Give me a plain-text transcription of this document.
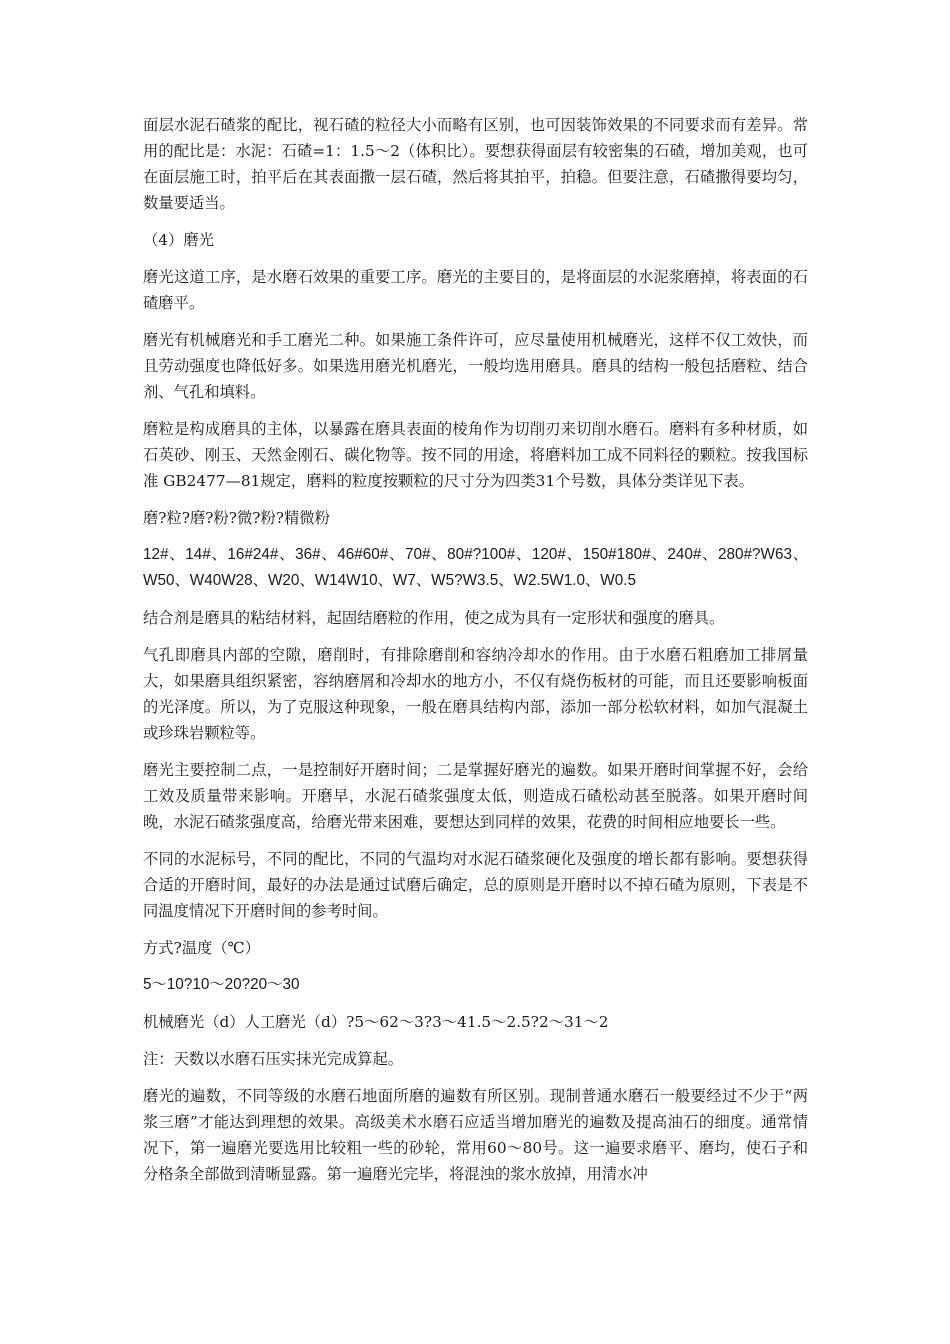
面层水泥石碴浆的配比，视石碴的粒径大小而略有区别，也可因装饰效果的不同要求而有差异。常用的配比是：水泥：石碴=1：1.5～2（体积比）。要想获得面层有较密集的石碴，增加美观，也可在面层施工时，拍平后在其表面撒一层石碴，然后将其拍平，拍稳。但要注意，石碴撒得要均匀，数量要适当。

（4）磨光

磨光这道工序，是水磨石效果的重要工序。磨光的主要目的，是将面层的水泥浆磨掉，将表面的石碴磨平。

磨光有机械磨光和手工磨光二种。如果施工条件许可，应尽量使用机械磨光，这样不仅工效快，而且劳动强度也降低好多。如果选用磨光机磨光，一般均选用磨具。磨具的结构一般包括磨粒、结合剂、气孔和填料。

磨粒是构成磨具的主体，以暴露在磨具表面的棱角作为切削刃来切削水磨石。磨料有多种材质，如石英砂、刚玉、天然金刚石、碳化物等。按不同的用途，将磨料加工成不同料径的颗粒。按我国标准 GB2477—81规定，磨料的粒度按颗粒的尺寸分为四类31个号数，具体分类详见下表。

磨?粒?磨?粉?微?粉?精微粉

12#、14#、16#24#、36#、46#60#、70#、80#?100#、120#、150#180#、240#、280#?W63、W50、W40W28、W20、W14W10、W7、W5?W3.5、W2.5W1.0、W0.5

结合剂是磨具的粘结材料，起固结磨粒的作用，使之成为具有一定形状和强度的磨具。

气孔即磨具内部的空隙，磨削时，有排除磨削和容纳冷却水的作用。由于水磨石粗磨加工排屑量大，如果磨具组织紧密，容纳磨屑和冷却水的地方小，不仅有烧伤板材的可能，而且还要影响板面的光泽度。所以，为了克服这种现象，一般在磨具结构内部，添加一部分松软材料，如加气混凝土或珍珠岩颗粒等。

磨光主要控制二点，一是控制好开磨时间；二是掌握好磨光的遍数。如果开磨时间掌握不好，会给工效及质量带来影响。开磨早，水泥石碴浆强度太低，则造成石碴松动甚至脱落。如果开磨时间晚，水泥石碴浆强度高，给磨光带来困难，要想达到同样的效果，花费的时间相应地要长一些。

不同的水泥标号，不同的配比，不同的气温均对水泥石碴浆硬化及强度的增长都有影响。要想获得合适的开磨时间，最好的办法是通过试磨后确定，总的原则是开磨时以不掉石碴为原则，下表是不同温度情况下开磨时间的参考时间。

方式?温度（℃）

5～10?10～20?20～30

机械磨光（d）人工磨光（d）?5～62～3?3～41.5～2.5?2～31～2

注：天数以水磨石压实抹光完成算起。

磨光的遍数，不同等级的水磨石地面所磨的遍数有所区别。现制普通水磨石一般要经过不少于“两浆三磨”才能达到理想的效果。高级美术水磨石应适当增加磨光的遍数及提高油石的细度。通常情况下，第一遍磨光要选用比较粗一些的砂轮，常用60～80号。这一遍要求磨平、磨均，使石子和分格条全部做到清晰显露。第一遍磨光完毕，将混浊的浆水放掉，用清水冲
